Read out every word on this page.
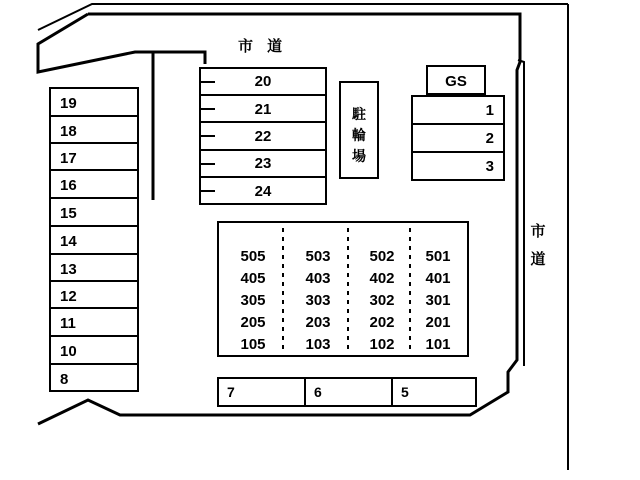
市 道
市
道
駐
輪
場
GS
19
18
17
16
15
14
13
12
11
10
8
20
21
22
23
24
1
2
3
7	6	5
505	503	502	501
405	403	402	401
305	303	302	301
205	203	202	201
105	103	102	101
